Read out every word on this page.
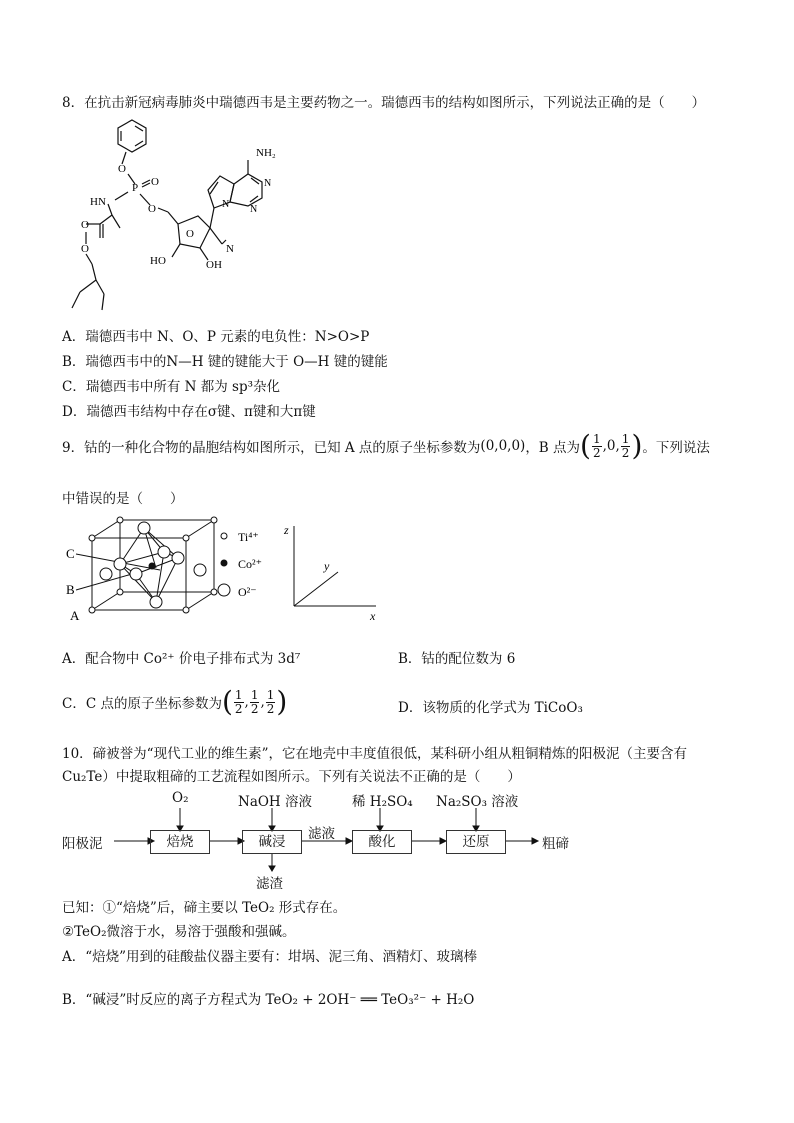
8．在抗击新冠病毒肺炎中瑞德西韦是主要药物之一。瑞德西韦的结构如图所示，下列说法正确的是（　　）
NH₂
O
P O
HN
O
O
O
O
HO	OH
N
N
N
N
A．瑞德西韦中 N、O、P 元素的电负性：N>O>P
B．瑞德西韦中的N—H 键的键能大于 O—H 键的键能
C．瑞德西韦中所有 N 都为 sp³杂化
D．瑞德西韦结构中存在σ键、π键和大π键
9．钴的一种化合物的晶胞结构如图所示，已知 A 点的原子坐标参数为 (0,0,0) ，B 点为 ( $\frac{1}{2}$ , 0 , $\frac{1}{2}$ ) 。下列说法
中错误的是（　　）
C
B
A
Ti⁴⁺
Co²⁺
O²⁻
z
y
x
A．配合物中 Co²⁺ 价电子排布式为 3d⁷	B．钴的配位数为 6
C．C 点的原子坐标参数为 ( $\frac{1}{2}$ , $\frac{1}{2}$ , $\frac{1}{2}$ )	D．该物质的化学式为 TiCoO₃
10．碲被誉为“现代工业的维生素”，它在地壳中丰度值很低，某科研小组从粗铜精炼的阳极泥（主要含有
Cu₂Te）中提取粗碲的工艺流程如图所示。下列有关说法不正确的是（　　）
阳极泥	焙烧
O₂
碱浸
NaOH 溶液
滤渣
滤液	酸化
稀 H₂SO₄
还原
Na₂SO₃ 溶液
粗碲
已知：①“焙烧”后，碲主要以 TeO₂ 形式存在。
②TeO₂微溶于水，易溶于强酸和强碱。
A．“焙烧”用到的硅酸盐仪器主要有：坩埚、泥三角、酒精灯、玻璃棒
B．“碱浸”时反应的离子方程式为 TeO₂ + 2OH⁻ ══ TeO₃²⁻ + H₂O
